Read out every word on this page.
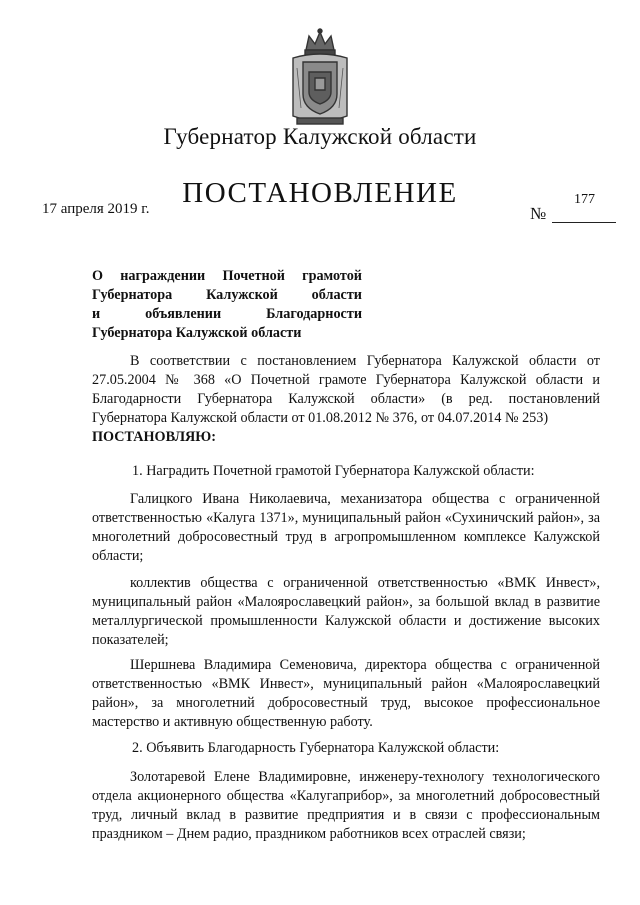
Губернатор Калужской области
ПОСТАНОВЛЕНИЕ
17 апреля 2019 г.	№
177
О награждении Почетной грамотой
Губернатора Калужской области
и	объявлении	Благодарности
Губернатора Калужской области
В соответствии с постановлением Губернатора Калужской области от 27.05.2004 № 368 «О Почетной грамоте Губернатора Калужской области и Благодарности Губернатора Калужской области» (в ред. постановлений Губернатора Калужской области от 01.08.2012 № 376, от 04.07.2014 № 253)
ПОСТАНОВЛЯЮ:
1. Наградить Почетной грамотой Губернатора Калужской области:
Галицкого Ивана Николаевича, механизатора общества с ограниченной ответственностью «Калуга 1371», муниципальный район «Сухиничский район», за многолетний добросовестный труд в агропромышленном комплексе Калужской области;
коллектив общества с ограниченной ответственностью «ВМК Инвест», муниципальный район «Малоярославецкий район», за большой вклад в развитие металлургической промышленности Калужской области и достижение высоких показателей;
Шершнева Владимира Семеновича, директора общества с ограниченной ответственностью «ВМК Инвест», муниципальный район «Малоярославецкий район», за многолетний добросовестный труд, высокое профессиональное мастерство и активную общественную работу.
2. Объявить Благодарность Губернатора Калужской области:
Золотаревой Елене Владимировне, инженеру-технологу технологического отдела акционерного общества «Калугаприбор», за многолетний добросовестный труд, личный вклад в развитие предприятия и в связи с профессиональным праздником – Днем радио, праздником работников всех отраслей связи;
